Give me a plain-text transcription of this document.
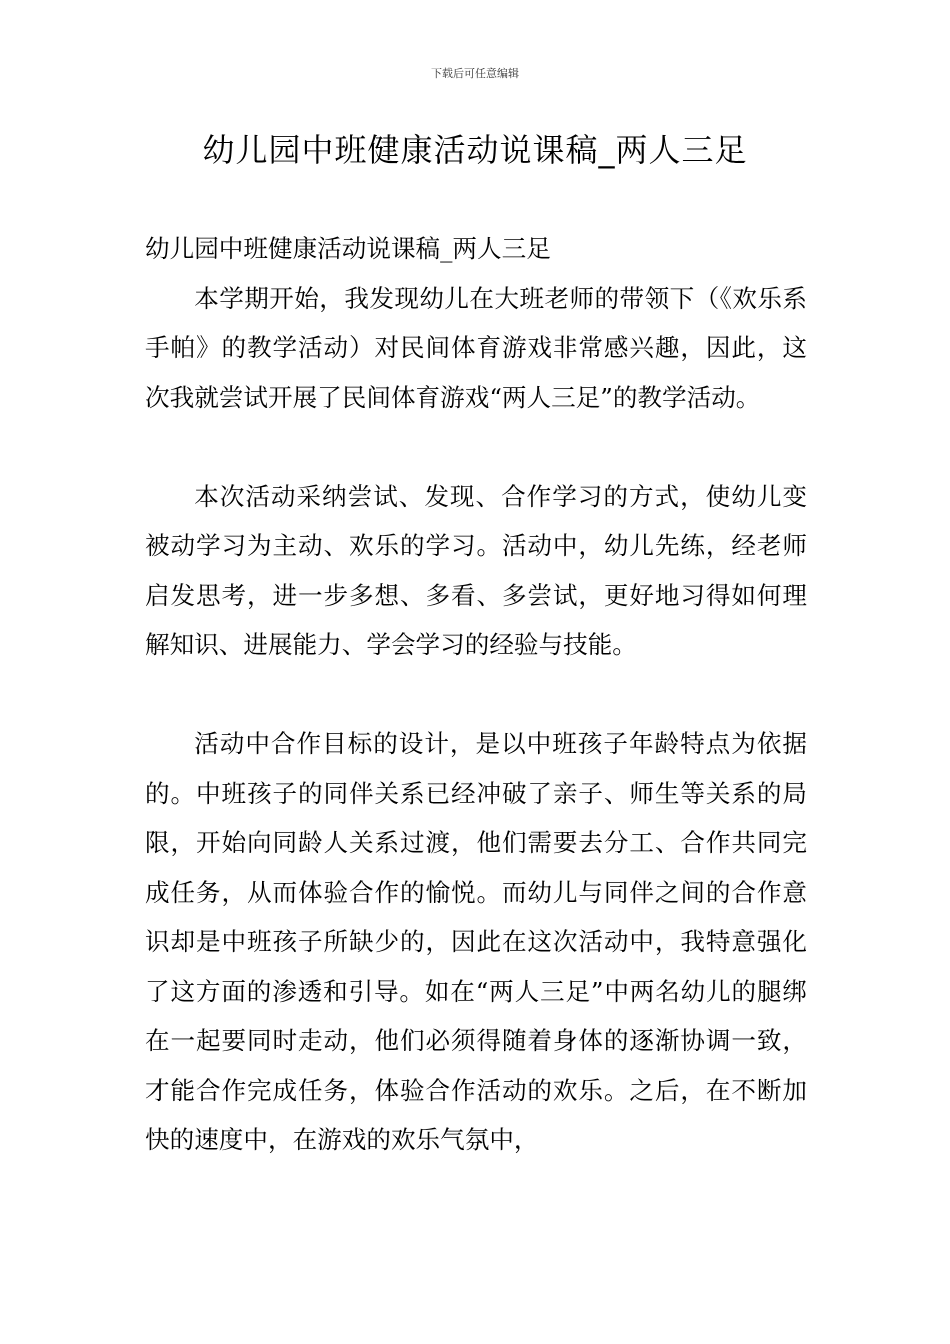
下载后可任意编辑
幼儿园中班健康活动说课稿_两人三足

幼儿园中班健康活动说课稿_两人三足

本学期开始，我发现幼儿在大班老师的带领下（《欢乐系手帕》的教学活动）对民间体育游戏非常感兴趣，因此，这次我就尝试开展了民间体育游戏“两人三足”的教学活动。

本次活动采纳尝试、发现、合作学习的方式，使幼儿变被动学习为主动、欢乐的学习。活动中，幼儿先练，经老师启发思考，进一步多想、多看、多尝试，更好地习得如何理解知识、进展能力、学会学习的经验与技能。

活动中合作目标的设计，是以中班孩子年龄特点为依据的。中班孩子的同伴关系已经冲破了亲子、师生等关系的局限，开始向同龄人关系过渡，他们需要去分工、合作共同完成任务，从而体验合作的愉悦。而幼儿与同伴之间的合作意识却是中班孩子所缺少的，因此在这次活动中，我特意强化了这方面的渗透和引导。如在“两人三足”中两名幼儿的腿绑在一起要同时走动，他们必须得随着身体的逐渐协调一致，才能合作完成任务，体验合作活动的欢乐。之后，在不断加快的速度中，在游戏的欢乐气氛中，
